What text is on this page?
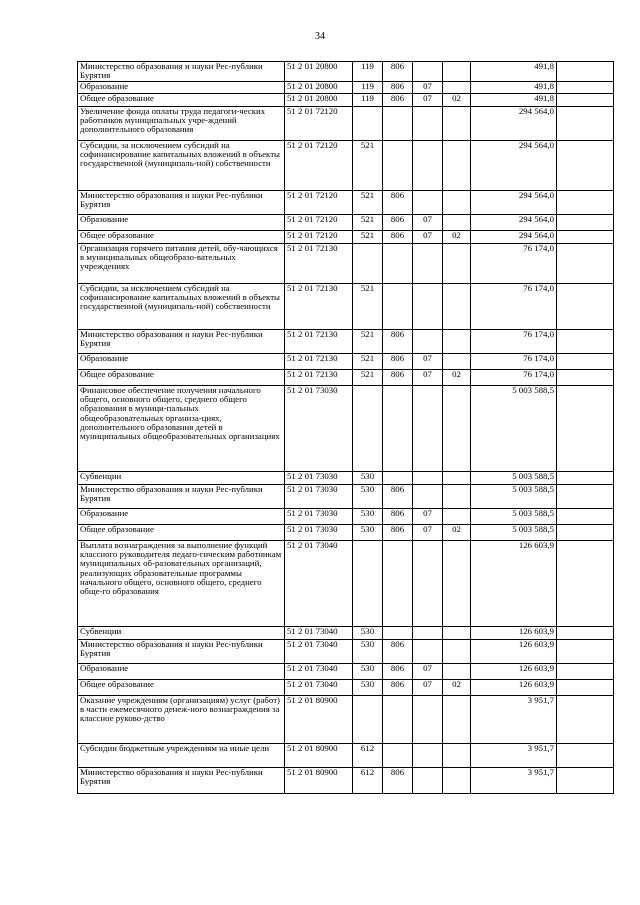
34
Министерство образования и науки Рес-публики Бурятия	51 2 01 20800	119	806			491,8	
Образование	51 2 01 20800	119	806	07		491,8	
Общее образование	51 2 01 20800	119	806	07	02	491,8	
Увеличение фонда оплаты труда педагоги-ческих работников муниципальных учре-ждений дополнительного образования	51 2 01 72120					294 564,0	
Субсидии, за исключением субсидий на софинансирование капитальных вложений в объекты государственной (муниципаль-ной) собственности	51 2 01 72120	521				294 564,0	
Министерство образования и науки Рес-публики Бурятия	51 2 01 72120	521	806			294 564,0	
Образование	51 2 01 72120	521	806	07		294 564,0	
Общее образование	51 2 01 72120	521	806	07	02	294 564,0	
Организация горячего питания детей, обу-чающихся в муниципальных общеобразо-вательных учреждениях	51 2 01 72130					76 174,0	
Субсидии, за исключением субсидий на софинансирование капитальных вложений в объекты государственной (муниципаль-ной) собственности	51 2 01 72130	521				76 174,0	
Министерство образования и науки Рес-публики Бурятия	51 2 01 72130	521	806			76 174,0	
Образование	51 2 01 72130	521	806	07		76 174,0	
Общее образование	51 2 01 72130	521	806	07	02	76 174,0	
Финансовое обеспечение получения начального общего, основного общего, среднего общего образования в муници-пальных общеобразовательных организа-циях, дополнительного образования детей в муниципальных общеобразовательных организациях	51 2 01 73030					5 003 588,5	
Субвенции	51 2 01 73030	530				5 003 588,5	
Министерство образования и науки Рес-публики Бурятия	51 2 01 73030	530	806			5 003 588,5	
Образование	51 2 01 73030	530	806	07		5 003 588,5	
Общее образование	51 2 01 73030	530	806	07	02	5 003 588,5	
Выплата вознаграждения за выполнение функций классного руководителя педаго-гическим работникам муниципальных об-разовательных организаций, реализующих образовательные программы начального общего, основного общего, среднего обще-го образования	51 2 01 73040					126 603,9	
Субвенции	51 2 01 73040	530				126 603,9	
Министерство образования и науки Рес-публики Бурятия	51 2 01 73040	530	806			126 603,9	
Образование	51 2 01 73040	530	806	07		126 603,9	
Общее образование	51 2 01 73040	530	806	07	02	126 603,9	
Оказание учреждениям (организациям) услуг (работ) в части ежемесячного денеж-ного вознаграждения за классное руково-дство	51 2 01 80900					3 951,7	
Субсидии бюджетным учреждениям на иные цели	51 2 01 80900	612				3 951,7	
Министерство образования и науки Рес-публики Бурятия	51 2 01 80900	612	806			3 951,7	
